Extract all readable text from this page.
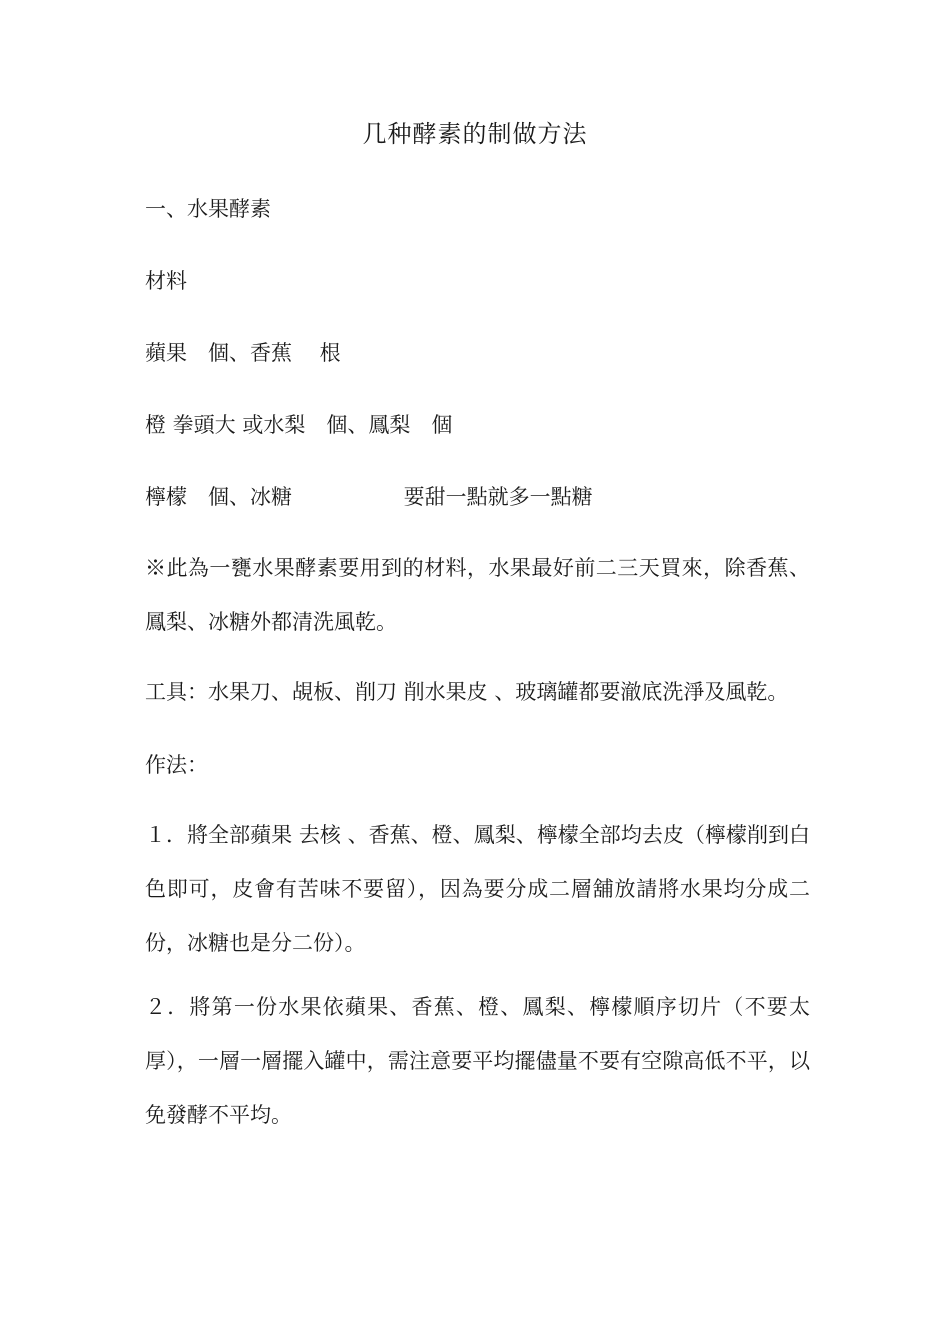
几种酵素的制做方法
一、水果酵素
材料
蘋果　個、香蕉　 根
橙 拳頭大 或水梨　個、鳳梨　個
檸檬　個、冰糖　　　　　 要甜一點就多一點糖
※此為一甕水果酵素要用到的材料，水果最好前二三天買來，除香蕉、鳳梨、冰糖外都清洗風乾。
工具：水果刀、覘板、削刀 削水果皮 、玻璃罐都要澈底洗淨及風乾。
作法：
１．將全部蘋果 去核 、香蕉、橙、鳳梨、檸檬全部均去皮（檸檬削到白色即可，皮會有苦味不要留），因為要分成二層舖放請將水果均分成二份，冰糖也是分二份）。
２．將第一份水果依蘋果、香蕉、橙、鳳梨、檸檬順序切片（不要太厚），一層一層擺入罐中，需注意要平均擺儘量不要有空隙高低不平，以免發酵不平均。
